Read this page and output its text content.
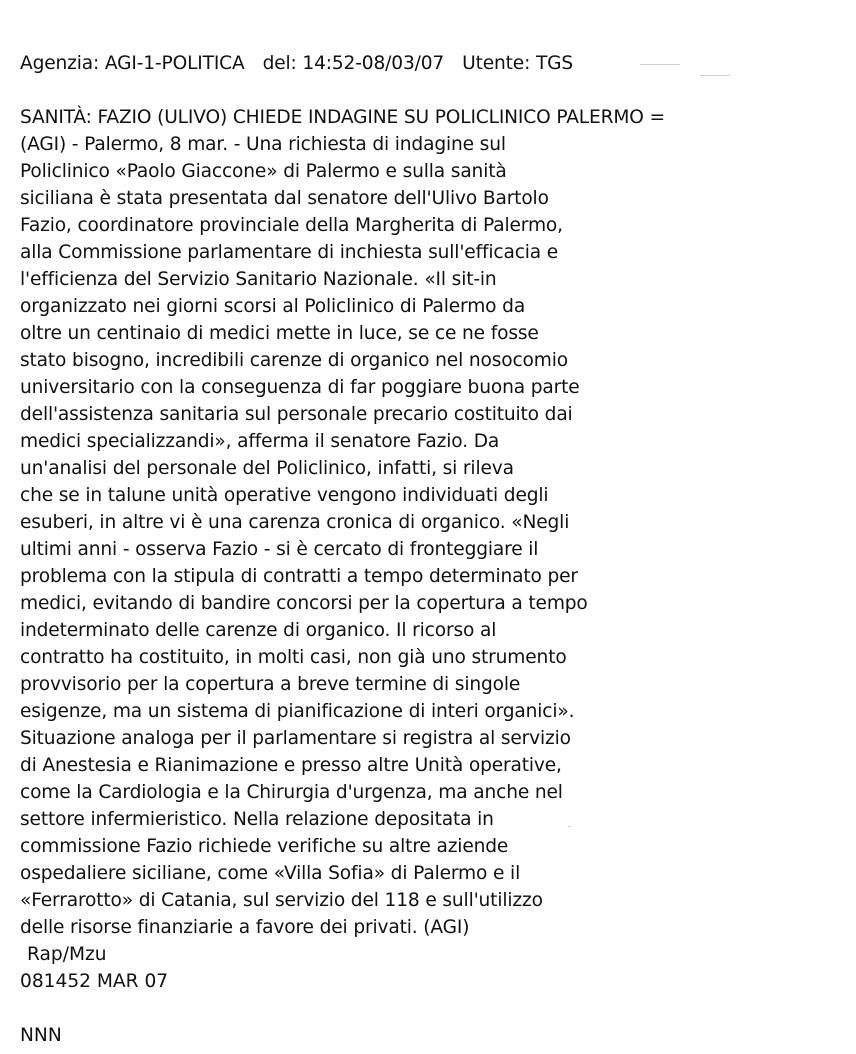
Agenzia: AGI-1-POLITICA del: 14:52-08/03/07 Utente: TGS
SANITÀ: FAZIO (ULIVO) CHIEDE INDAGINE SU POLICLINICO PALERMO =
(AGI) - Palermo, 8 mar. - Una richiesta di indagine sul
Policlinico «Paolo Giaccone» di Palermo e sulla sanità
siciliana è stata presentata dal senatore dell'Ulivo Bartolo
Fazio, coordinatore provinciale della Margherita di Palermo,
alla Commissione parlamentare di inchiesta sull'efficacia e
l'efficienza del Servizio Sanitario Nazionale. «Il sit-in
organizzato nei giorni scorsi al Policlinico di Palermo da
oltre un centinaio di medici mette in luce, se ce ne fosse
stato bisogno, incredibili carenze di organico nel nosocomio
universitario con la conseguenza di far poggiare buona parte
dell'assistenza sanitaria sul personale precario costituito dai
medici specializzandi», afferma il senatore Fazio. Da
un'analisi del personale del Policlinico, infatti, si rileva
che se in talune unità operative vengono individuati degli
esuberi, in altre vi è una carenza cronica di organico. «Negli
ultimi anni - osserva Fazio - si è cercato di fronteggiare il
problema con la stipula di contratti a tempo determinato per
medici, evitando di bandire concorsi per la copertura a tempo
indeterminato delle carenze di organico. Il ricorso al
contratto ha costituito, in molti casi, non già uno strumento
provvisorio per la copertura a breve termine di singole
esigenze, ma un sistema di pianificazione di interi organici».
Situazione analoga per il parlamentare si registra al servizio
di Anestesia e Rianimazione e presso altre Unità operative,
come la Cardiologia e la Chirurgia d'urgenza, ma anche nel
settore infermieristico. Nella relazione depositata in
commissione Fazio richiede verifiche su altre aziende
ospedaliere siciliane, come «Villa Sofia» di Palermo e il
«Ferrarotto» di Catania, sul servizio del 118 e sull'utilizzo
delle risorse finanziarie a favore dei privati. (AGI)
Rap/Mzu
081452 MAR 07
NNN
